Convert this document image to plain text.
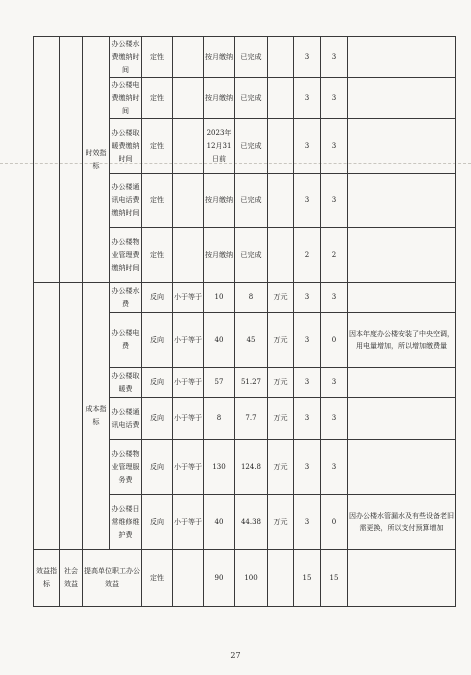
		时效指标	办公楼水费缴纳时间	定性		按月缴纳	已完成		3	3	
			办公楼电费缴纳时间	定性		按月缴纳	已完成		3	3	
			办公楼取暖费缴纳时间	定性		2023年12月31日前	已完成		3	3	
			办公楼通讯电话费缴纳时间	定性		按月缴纳	已完成		3	3	
			办公楼物业管理费缴纳时间	定性		按月缴纳	已完成		2	2	
		成本指标	办公楼水费	反向	小于等于	10	8	万元	3	3	
			办公楼电费	反向	小于等于	40	45	万元	3	0	因本年度办公楼安装了中央空调，用电量增加，所以增加缴费量
			办公楼取暖费	反向	小于等于	57	51.27	万元	3	3	
			办公楼通讯电话费	反向	小于等于	8	7.7	万元	3	3	
			办公楼物业管理服务费	反向	小于等于	130	124.8	万元	3	3	
			办公楼日常维修维护费	反向	小于等于	40	44.38	万元	3	0	因办公楼水管漏水及有些设备老旧需更换，所以支付预算增加
效益指标	社会效益	提高单位职工办公效益		定性		90	100		15	15	
27
